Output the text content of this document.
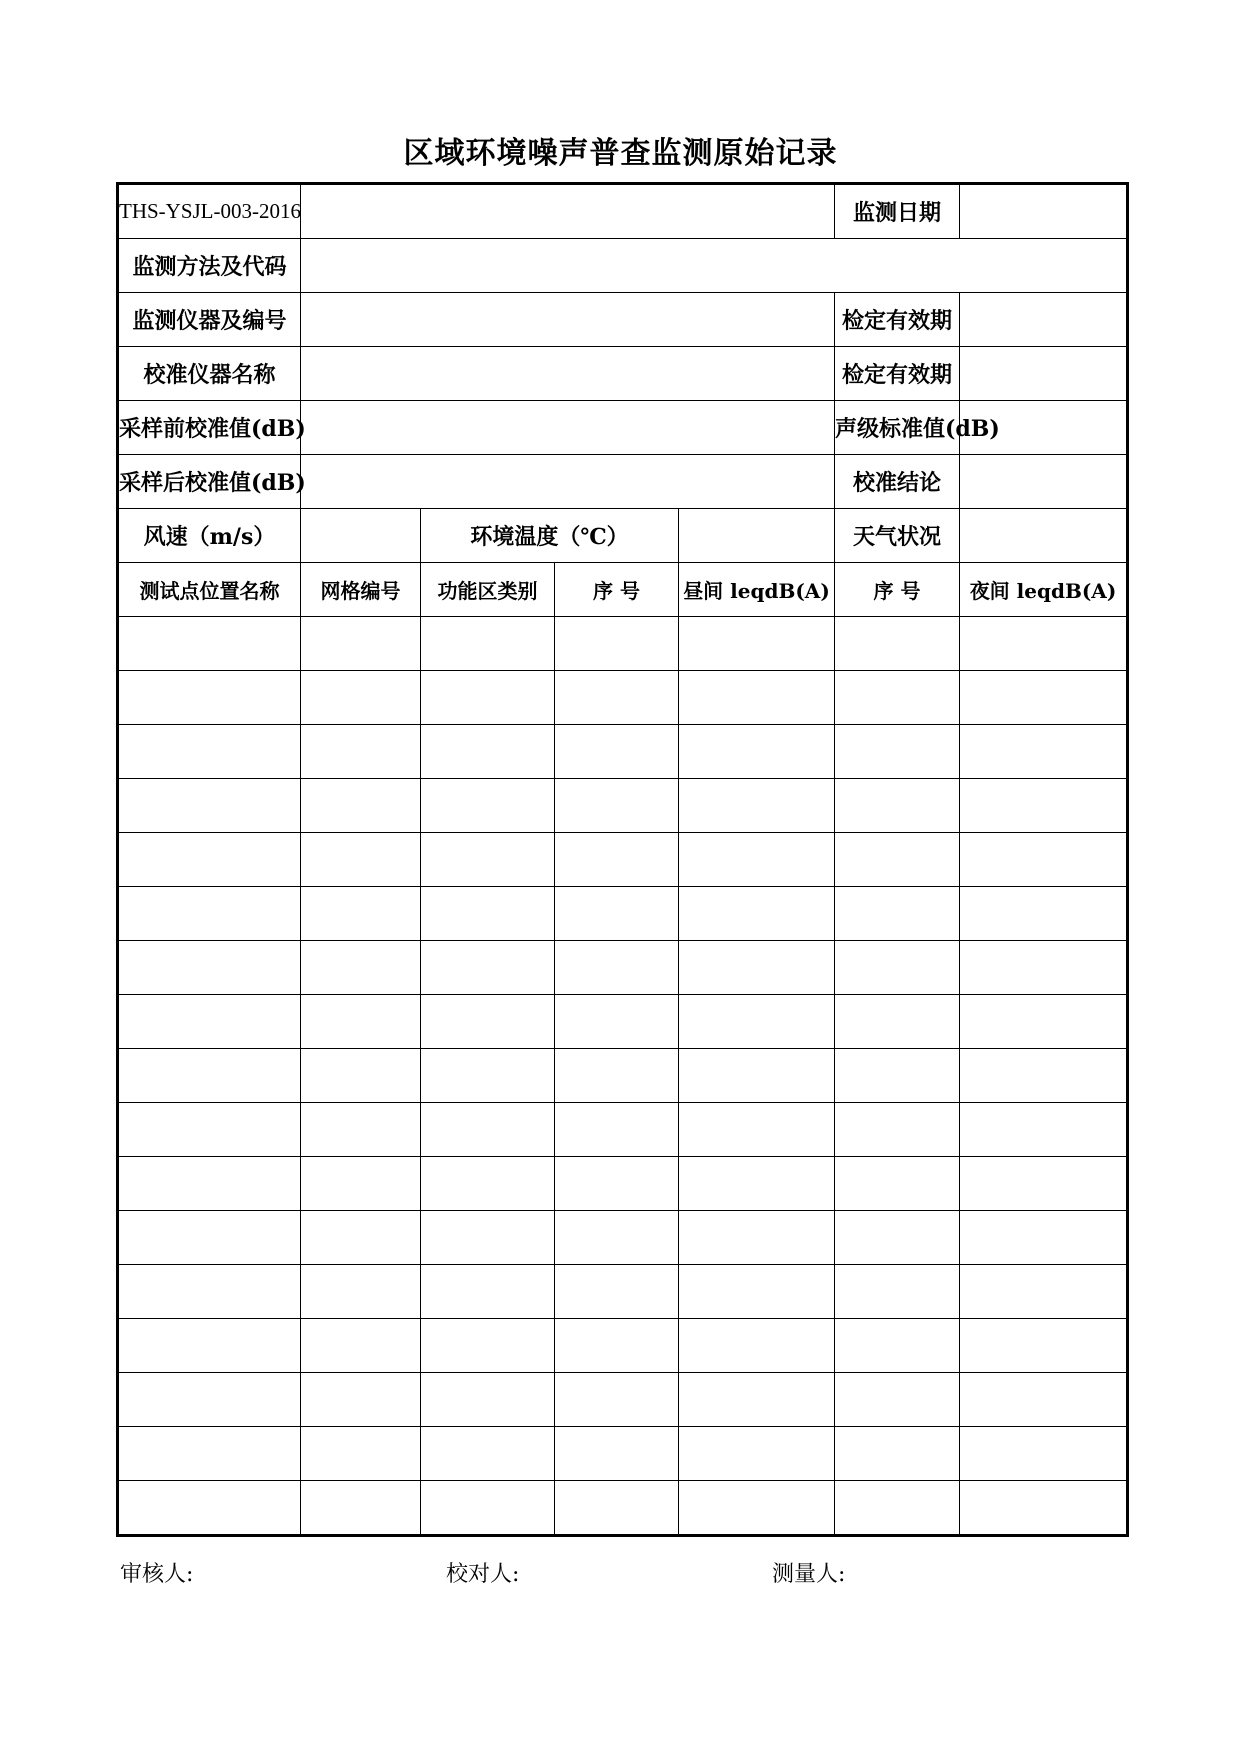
区域环境噪声普查监测原始记录
THS-YSJL-003-2016					监测日期	
监测方法及代码						
监测仪器及编号					检定有效期	
校准仪器名称					检定有效期	
采样前校准值(dB)					声级标准值(dB)	
采样后校准值(dB)					校准结论	
风速（m/s）		环境温度（℃）			天气状况	
测试点位置名称	网格编号	功能区类别	序 号	昼间 leqdB(A)	序 号	夜间 leqdB(A)

审核人:	校对人:	测量人:
